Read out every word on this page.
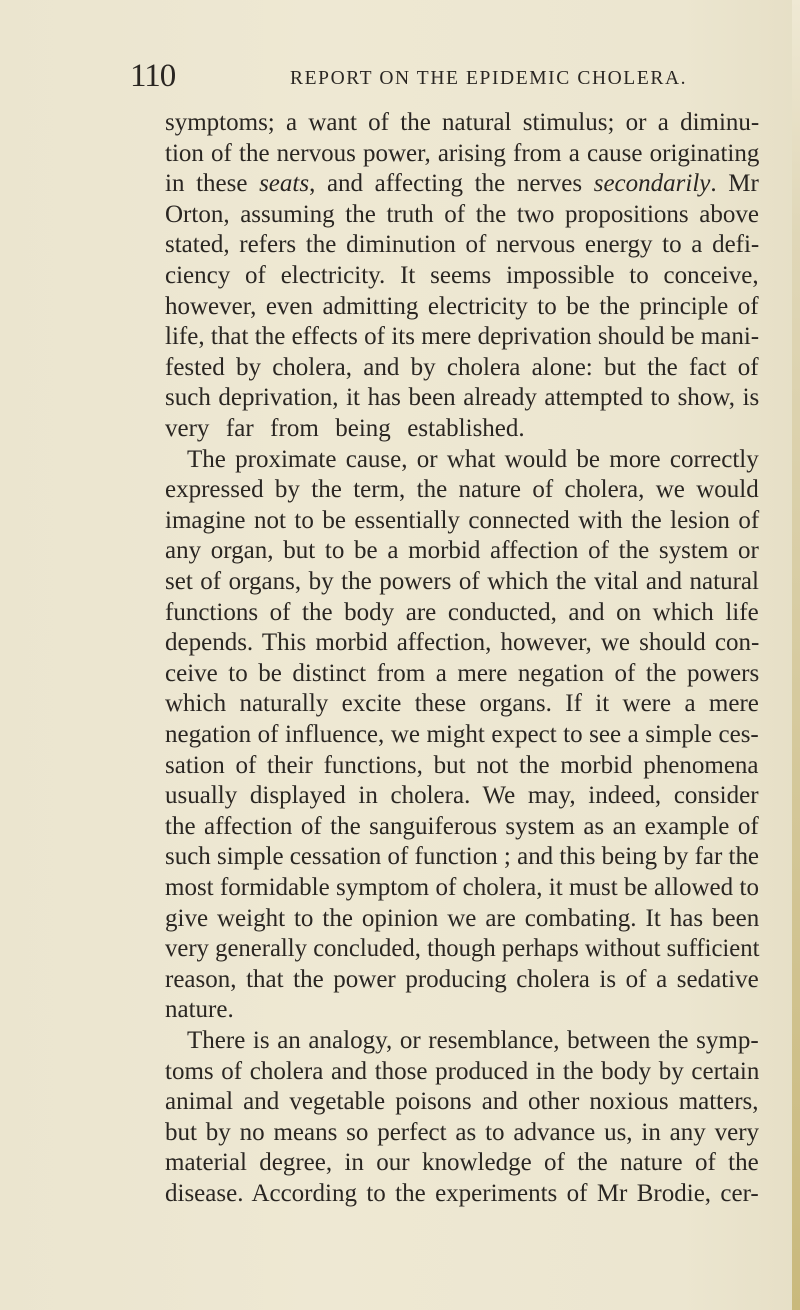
110	REPORT ON THE EPIDEMIC CHOLERA.
symptoms; a want of the natural stimulus; or a diminu-
tion of the nervous power, arising from a cause originating
in these seats, and affecting the nerves secondarily. Mr
Orton, assuming the truth of the two propositions above
stated, refers the diminution of nervous energy to a defi-
ciency of electricity. It seems impossible to conceive,
however, even admitting electricity to be the principle of
life, that the effects of its mere deprivation should be mani-
fested by cholera, and by cholera alone: but the fact of
such deprivation, it has been already attempted to show, is
very far from being established.
The proximate cause, or what would be more correctly
expressed by the term, the nature of cholera, we would
imagine not to be essentially connected with the lesion of
any organ, but to be a morbid affection of the system or
set of organs, by the powers of which the vital and natural
functions of the body are conducted, and on which life
depends. This morbid affection, however, we should con-
ceive to be distinct from a mere negation of the powers
which naturally excite these organs. If it were a mere
negation of influence, we might expect to see a simple ces-
sation of their functions, but not the morbid phenomena
usually displayed in cholera. We may, indeed, consider
the affection of the sanguiferous system as an example of
such simple cessation of function ; and this being by far the
most formidable symptom of cholera, it must be allowed to
give weight to the opinion we are combating. It has been
very generally concluded, though perhaps without sufficient
reason, that the power producing cholera is of a sedative
nature.
There is an analogy, or resemblance, between the symp-
toms of cholera and those produced in the body by certain
animal and vegetable poisons and other noxious matters,
but by no means so perfect as to advance us, in any very
material degree, in our knowledge of the nature of the
disease. According to the experiments of Mr Brodie, cer-
